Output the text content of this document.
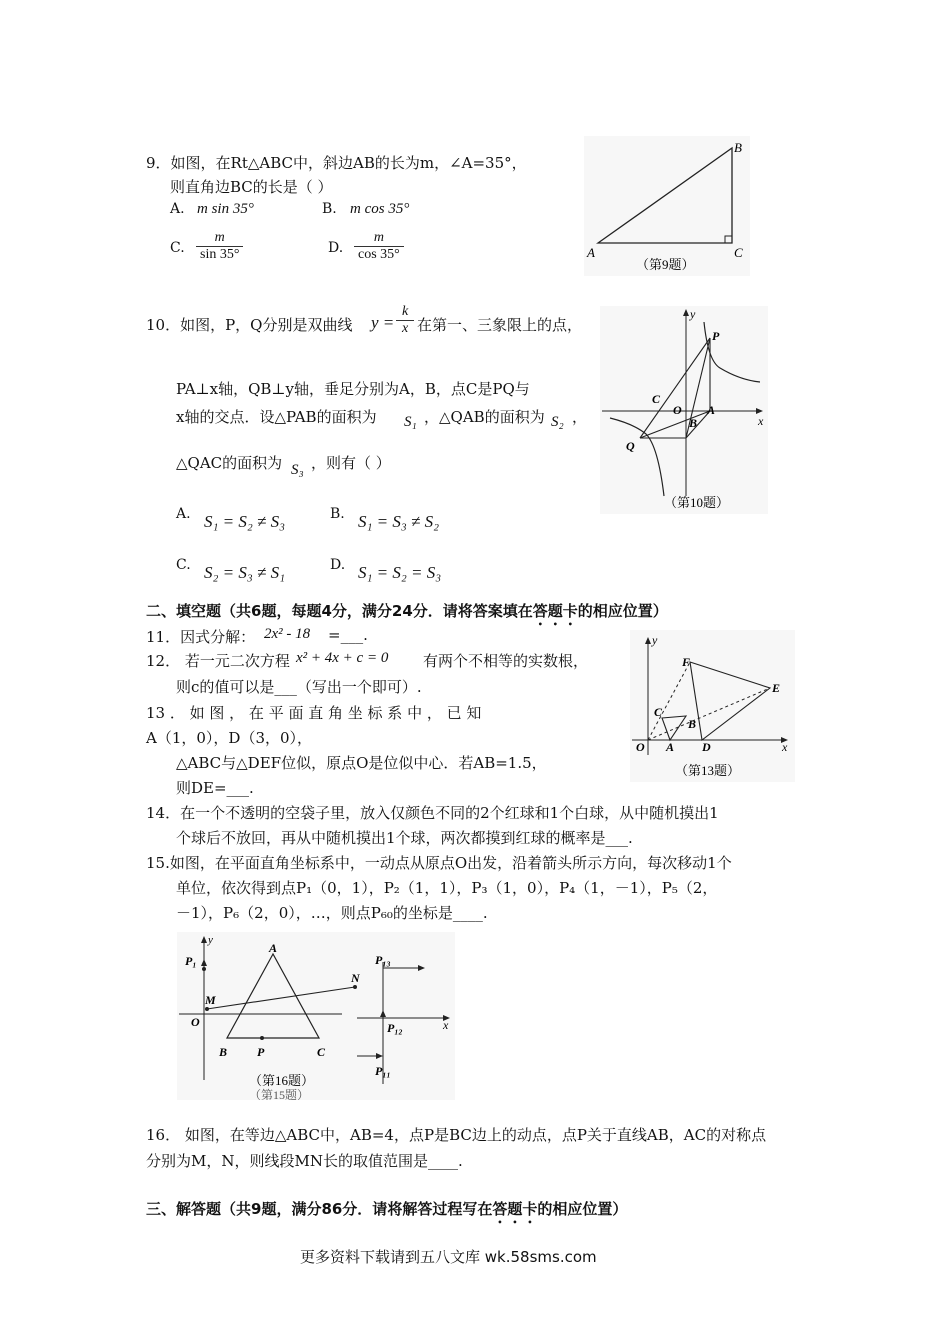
9．如图，在Rt△ABC中，斜边AB的长为m，∠A=35°，
则直角边BC的长是（ ）
A. m sin 35°	B. m cos 35°
C. $\frac{m}{\sin 35^\circ}$	D. $\frac{m}{\cos 35^\circ}$	A
B
C
（第9题）
10．如图，P，Q分别是双曲线 $y = \frac{k}{x}$ 在第一、三象限上的点，
PA⊥x轴，QB⊥y轴，垂足分别为A，B，点C是PQ与
x轴的交点．设△PAB的面积为 S₁ ，△QAB的面积为 S₂ ，
△QAC的面积为 S₃ ，则有（ ）
A. S₁ = S₂ ≠ S₃	B. S₁ = S₃ ≠ S₂
C. S₂ = S₃ ≠ S₁	D. S₁ = S₂ = S₃
y
x
P
Q
C
O A
B
（第10题）
二、填空题（共6题，每题4分，满分24分．请将答案填在答题卡的相应位置）
11．因式分解： 2x² - 18 =___.
12． 若一元二次方程 x² + 4x + c = 0 有两个不相等的实数根，
则c的值可以是___（写出一个即可）.
13 ． 如 图 ， 在 平 面 直 角 坐 标 系 中 ， 已 知
A（1，0），D（3，0），
△ABC与△DEF位似，原点O是位似中心．若AB=1.5，
则DE=___.
y
x
F
E
C
B
O A D
（第13题）
14．在一个不透明的空袋子里，放入仅颜色不同的2个红球和1个白球，从中随机摸出1
个球后不放回，再从中随机摸出1个球，两次都摸到红球的概率是___.
15.如图，在平面直角坐标系中，一动点从原点O出发，沿着箭头所示方向，每次移动1个
单位，依次得到点P₁（0，1），P₂（1，1），P₃（1，0），P₄（1，－1），P₅（2，
－1），P₆（2，0），…，则点P₆₀的坐标是____.
y
P₁
A
N
M
O
B P	C
P₁₃
P₁₂
P₁₁
x
（第16题）
（第15题）
16． 如图，在等边△ABC中，AB=4，点P是BC边上的动点，点P关于直线AB，AC的对称点
分别为M，N，则线段MN长的取值范围是____.
三、解答题（共9题，满分86分．请将解答过程写在答题卡的相应位置）
更多资料下载请到五八文库 wk.58sms.com
